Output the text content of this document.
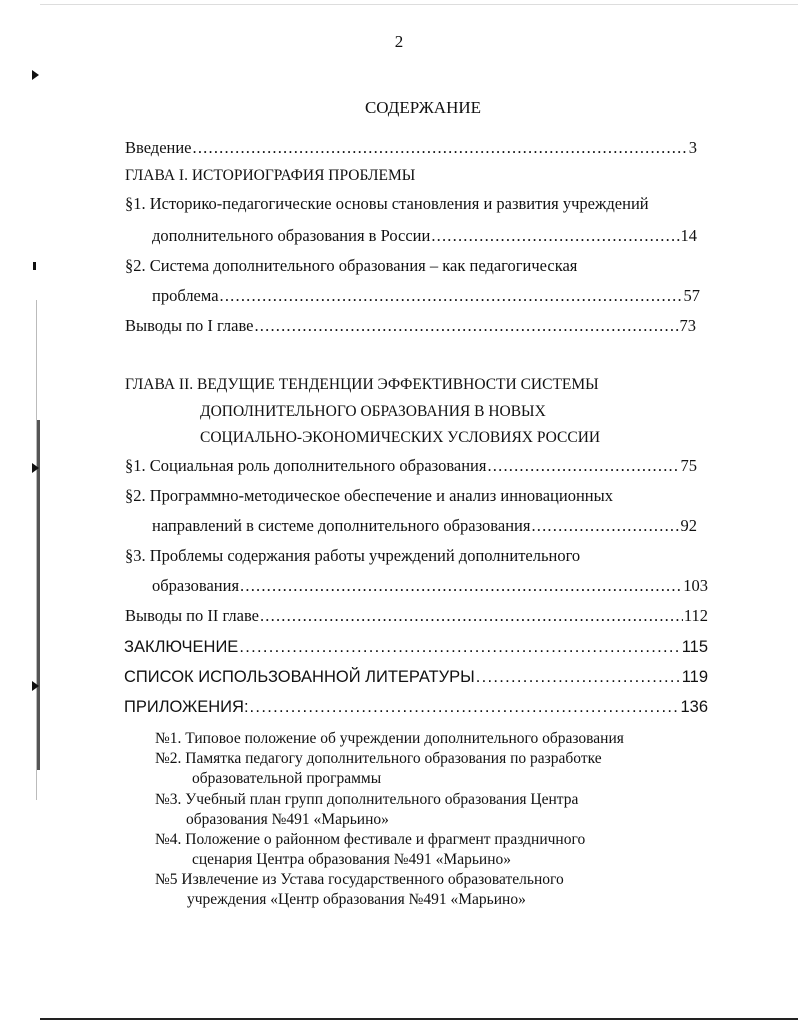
2
СОДЕРЖАНИЕ
Введение .....	3
ГЛАВА I. ИСТОРИОГРАФИЯ ПРОБЛЕМЫ
§1. Историко-педагогические основы становления и развития учреждений
дополнительного образования в России .....	14
§2. Система дополнительного образования – как педагогическая
проблема .....	57
Выводы по I главе .....	73
ГЛАВА II. ВЕДУЩИЕ ТЕНДЕНЦИИ ЭФФЕКТИВНОСТИ СИСТЕМЫ
ДОПОЛНИТЕЛЬНОГО ОБРАЗОВАНИЯ В НОВЫХ
СОЦИАЛЬНО-ЭКОНОМИЧЕСКИХ УСЛОВИЯХ РОССИИ
§1. Социальная роль дополнительного образования .....	75
§2. Программно-методическое обеспечение и анализ инновационных
направлений в системе дополнительного образования .....	92
§3. Проблемы содержания работы учреждений дополнительного
образования .....	103
Выводы по II главе .....	112
ЗАКЛЮЧЕНИЕ .....	115
СПИСОК ИСПОЛЬЗОВАННОЙ ЛИТЕРАТУРЫ .....	119
ПРИЛОЖЕНИЯ: .....	136
№1. Типовое положение об учреждении дополнительного образования
№2. Памятка педагогу дополнительного образования по разработке
образовательной программы
№3. Учебный план групп дополнительного образования Центра
образования №491 «Марьино»
№4. Положение о районном фестивале и фрагмент праздничного
сценария Центра образования №491 «Марьино»
№5 Извлечение из Устава государственного образовательного
учреждения «Центр образования №491 «Марьино»
